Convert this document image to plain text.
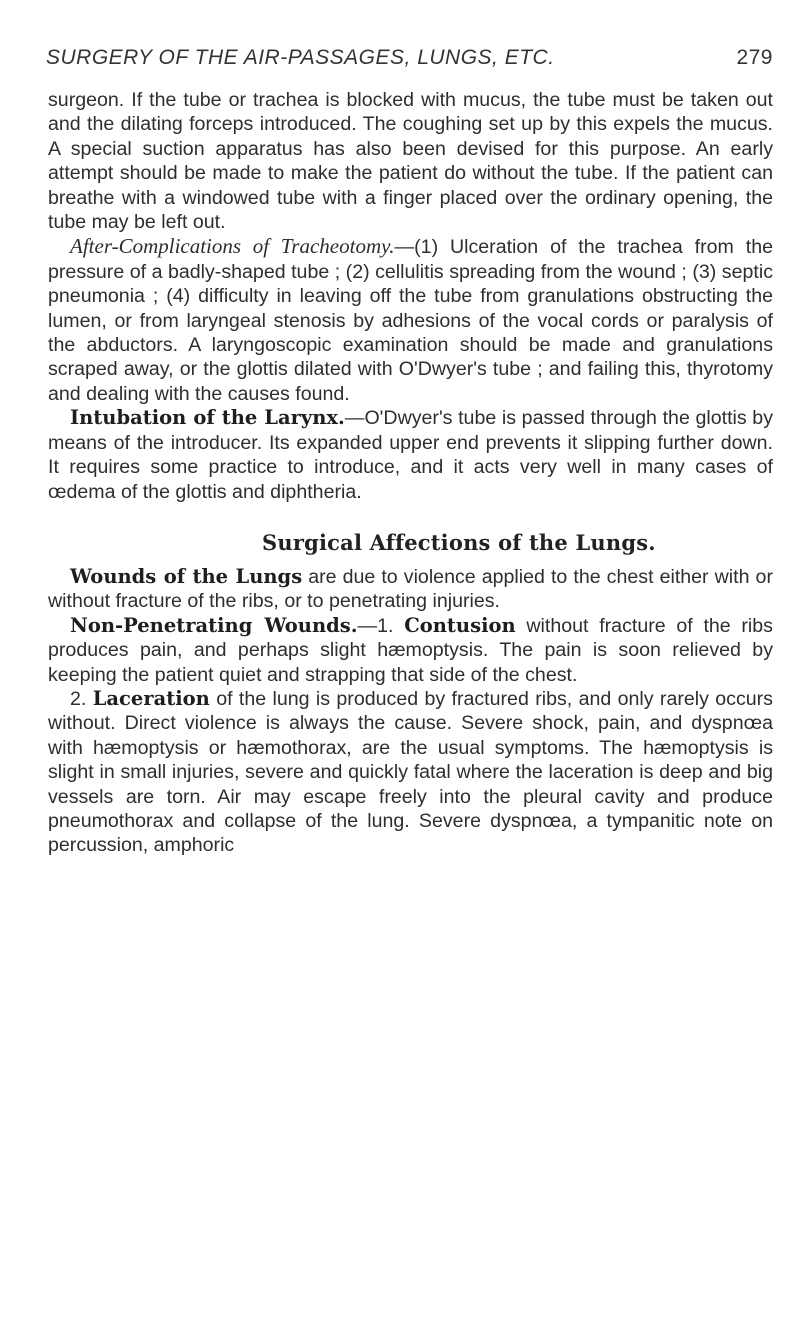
SURGERY OF THE AIR-PASSAGES, LUNGS, ETC.	279

surgeon. If the tube or trachea is blocked with mucus, the tube must be taken out and the dilating forceps introduced. The coughing set up by this expels the mucus. A special suction apparatus has also been devised for this purpose. An early attempt should be made to make the patient do without the tube. If the patient can breathe with a windowed tube with a finger placed over the ordinary opening, the tube may be left out.

After-Complications of Tracheotomy.—(1) Ulceration of the trachea from the pressure of a badly-shaped tube ; (2) cellulitis spreading from the wound ; (3) septic pneumonia ; (4) difficulty in leaving off the tube from granulations obstructing the lumen, or from laryngeal stenosis by adhesions of the vocal cords or paralysis of the abductors. A laryngoscopic examination should be made and granulations scraped away, or the glottis dilated with O'Dwyer's tube ; and failing this, thyrotomy and dealing with the causes found.

Intubation of the Larynx.—O'Dwyer's tube is passed through the glottis by means of the introducer. Its expanded upper end prevents it slipping further down. It requires some practice to introduce, and it acts very well in many cases of œdema of the glottis and diphtheria.

Surgical Affections of the Lungs.

Wounds of the Lungs are due to violence applied to the chest either with or without fracture of the ribs, or to penetrating injuries.

Non-Penetrating Wounds.—1. Contusion without fracture of the ribs produces pain, and perhaps slight hæmoptysis. The pain is soon relieved by keeping the patient quiet and strapping that side of the chest.

2. Laceration of the lung is produced by fractured ribs, and only rarely occurs without. Direct violence is always the cause. Severe shock, pain, and dyspnœa with hæmoptysis or hæmothorax, are the usual symptoms. The hæmoptysis is slight in small injuries, severe and quickly fatal where the laceration is deep and big vessels are torn. Air may escape freely into the pleural cavity and produce pneumothorax and collapse of the lung. Severe dyspnœa, a tympanitic note on percussion, amphoric
